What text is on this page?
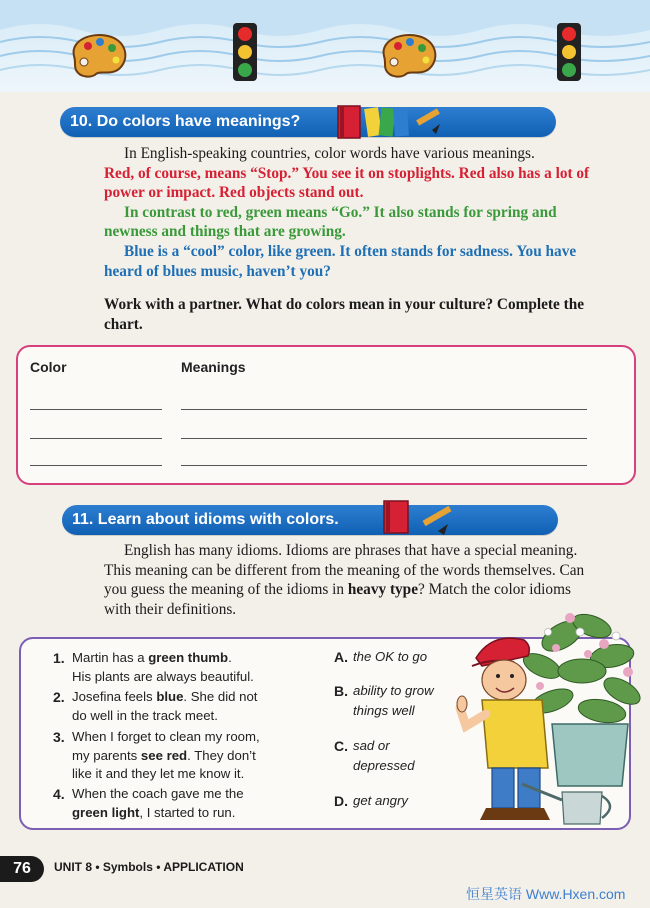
10. Do colors have meanings?

In English-speaking countries, color words have various meanings.

Red, of course, means “Stop.” You see it on stoplights. Red also has a lot of power or impact. Red objects stand out.

In contrast to red, green means “Go.” It also stands for spring and newness and things that are growing.

Blue is a “cool” color, like green. It often stands for sadness. You have heard of blues music, haven’t you?

Work with a partner. What do colors mean in your culture? Complete the chart.
Color	Meanings
11. Learn about idioms with colors.
English has many idioms. Idioms are phrases that have a special meaning. This meaning can be different from the meaning of the words themselves. Can you guess the meaning of the idioms in heavy type? Match the color idioms with their definitions.
1. Martin has a green thumb.
His plants are always beautiful.
2. Josefina feels blue. She did not
do well in the track meet.
3. When I forget to clean my room,
my parents see red. They don’t
like it and they let me know it.
4. When the coach gave me the
green light, I started to run.
A. the OK to go
B. ability to grow
things well
C. sad or
depressed
D. get angry
76	UNIT 8 • Symbols • APPLICATION
恒星英语 Www.Hxen.com
